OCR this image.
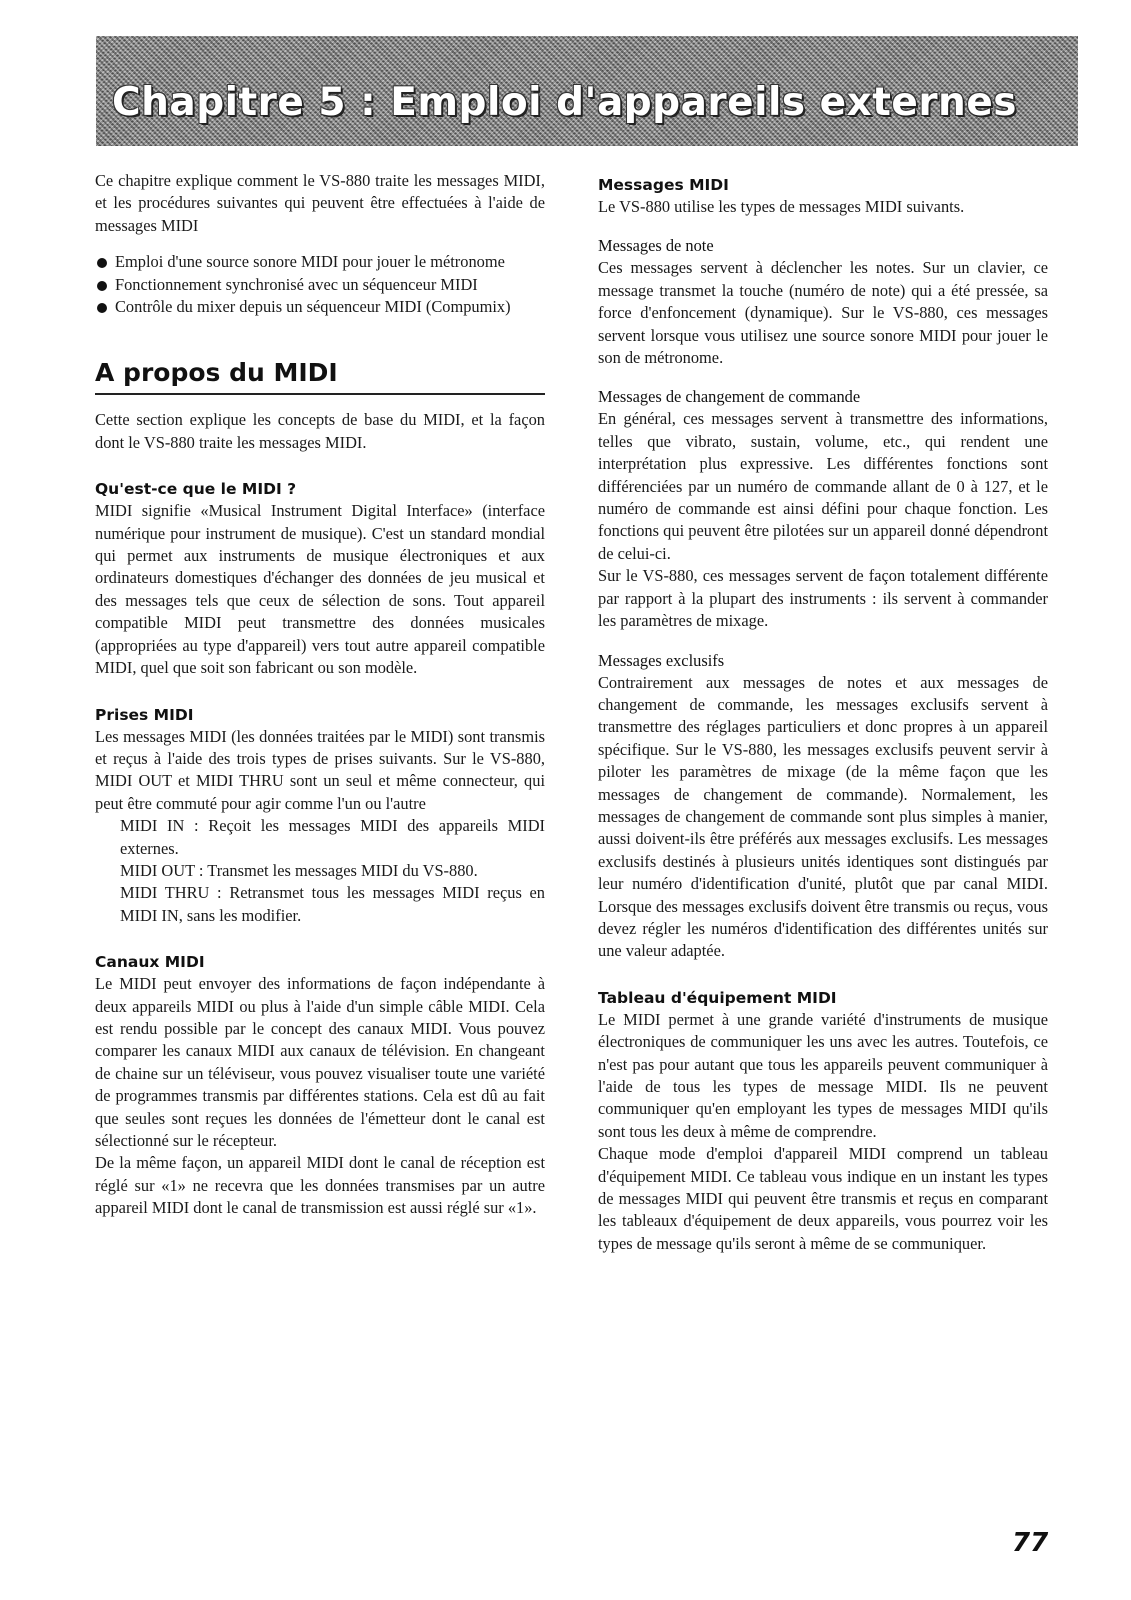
Chapitre 5 : Emploi d'appareils externes

Ce chapitre explique comment le VS-880 traite les messages MIDI, et les procédures suivantes qui peuvent être effectuées à l'aide de messages MIDI

Emploi d'une source sonore MIDI pour jouer le métronome
Fonctionnement synchronisé avec un séquenceur MIDI
Contrôle du mixer depuis un séquenceur MIDI (Compumix)
A propos du MIDI

Cette section explique les concepts de base du MIDI, et la façon dont le VS-880 traite les messages MIDI.

Qu'est-ce que le MIDI ?

MIDI signifie «Musical Instrument Digital Interface» (interface numérique pour instrument de musique). C'est un standard mondial qui permet aux instruments de musique électroniques et aux ordinateurs domestiques d'échanger des données de jeu musical et des messages tels que ceux de sélection de sons. Tout appareil compatible MIDI peut transmettre des données musicales (appropriées au type d'appareil) vers tout autre appareil compatible MIDI, quel que soit son fabricant ou son modèle.

Prises MIDI

Les messages MIDI (les données traitées par le MIDI) sont transmis et reçus à l'aide des trois types de prises suivants. Sur le VS-880, MIDI OUT et MIDI THRU sont un seul et même connecteur, qui peut être commuté pour agir comme l'un ou l'autre

MIDI IN : Reçoit les messages MIDI des appareils MIDI externes.

MIDI OUT : Transmet les messages MIDI du VS-880.

MIDI THRU : Retransmet tous les messages MIDI reçus en MIDI IN, sans les modifier.

Canaux MIDI

Le MIDI peut envoyer des informations de façon indépendante à deux appareils MIDI ou plus à l'aide d'un simple câble MIDI. Cela est rendu possible par le concept des canaux MIDI. Vous pouvez comparer les canaux MIDI aux canaux de télévision. En changeant de chaine sur un téléviseur, vous pouvez visualiser toute une variété de programmes transmis par différentes stations. Cela est dû au fait que seules sont reçues les données de l'émetteur dont le canal est sélectionné sur le récepteur.

De la même façon, un appareil MIDI dont le canal de réception est réglé sur «1» ne recevra que les données transmises par un autre appareil MIDI dont le canal de transmission est aussi réglé sur «1».

Messages MIDI

Le VS-880 utilise les types de messages MIDI suivants.

Messages de note

Ces messages servent à déclencher les notes. Sur un clavier, ce message transmet la touche (numéro de note) qui a été pressée, sa force d'enfoncement (dynamique). Sur le VS-880, ces messages servent lorsque vous utilisez une source sonore MIDI pour jouer le son de métronome.

Messages de changement de commande

En général, ces messages servent à transmettre des informations, telles que vibrato, sustain, volume, etc., qui rendent une interprétation plus expressive. Les différentes fonctions sont différenciées par un numéro de commande allant de 0 à 127, et le numéro de commande est ainsi défini pour chaque fonction. Les fonctions qui peuvent être pilotées sur un appareil donné dépendront de celui-ci.

Sur le VS-880, ces messages servent de façon totalement différente par rapport à la plupart des instruments : ils servent à commander les paramètres de mixage.

Messages exclusifs

Contrairement aux messages de notes et aux messages de changement de commande, les messages exclusifs servent à transmettre des réglages particuliers et donc propres à un appareil spécifique. Sur le VS-880, les messages exclusifs peuvent servir à piloter les paramètres de mixage (de la même façon que les messages de changement de commande). Normalement, les messages de changement de commande sont plus simples à manier, aussi doivent-ils être préférés aux messages exclusifs. Les messages exclusifs destinés à plusieurs unités identiques sont distingués par leur numéro d'identification d'unité, plutôt que par canal MIDI. Lorsque des messages exclusifs doivent être transmis ou reçus, vous devez régler les numéros d'identification des différentes unités sur une valeur adaptée.

Tableau d'équipement MIDI

Le MIDI permet à une grande variété d'instruments de musique électroniques de communiquer les uns avec les autres. Toutefois, ce n'est pas pour autant que tous les appareils peuvent communiquer à l'aide de tous les types de message MIDI. Ils ne peuvent communiquer qu'en employant les types de messages MIDI qu'ils sont tous les deux à même de comprendre.

Chaque mode d'emploi d'appareil MIDI comprend un tableau d'équipement MIDI. Ce tableau vous indique en un instant les types de messages MIDI qui peuvent être transmis et reçus en comparant les tableaux d'équipement de deux appareils, vous pourrez voir les types de message qu'ils seront à même de se communiquer.

77
